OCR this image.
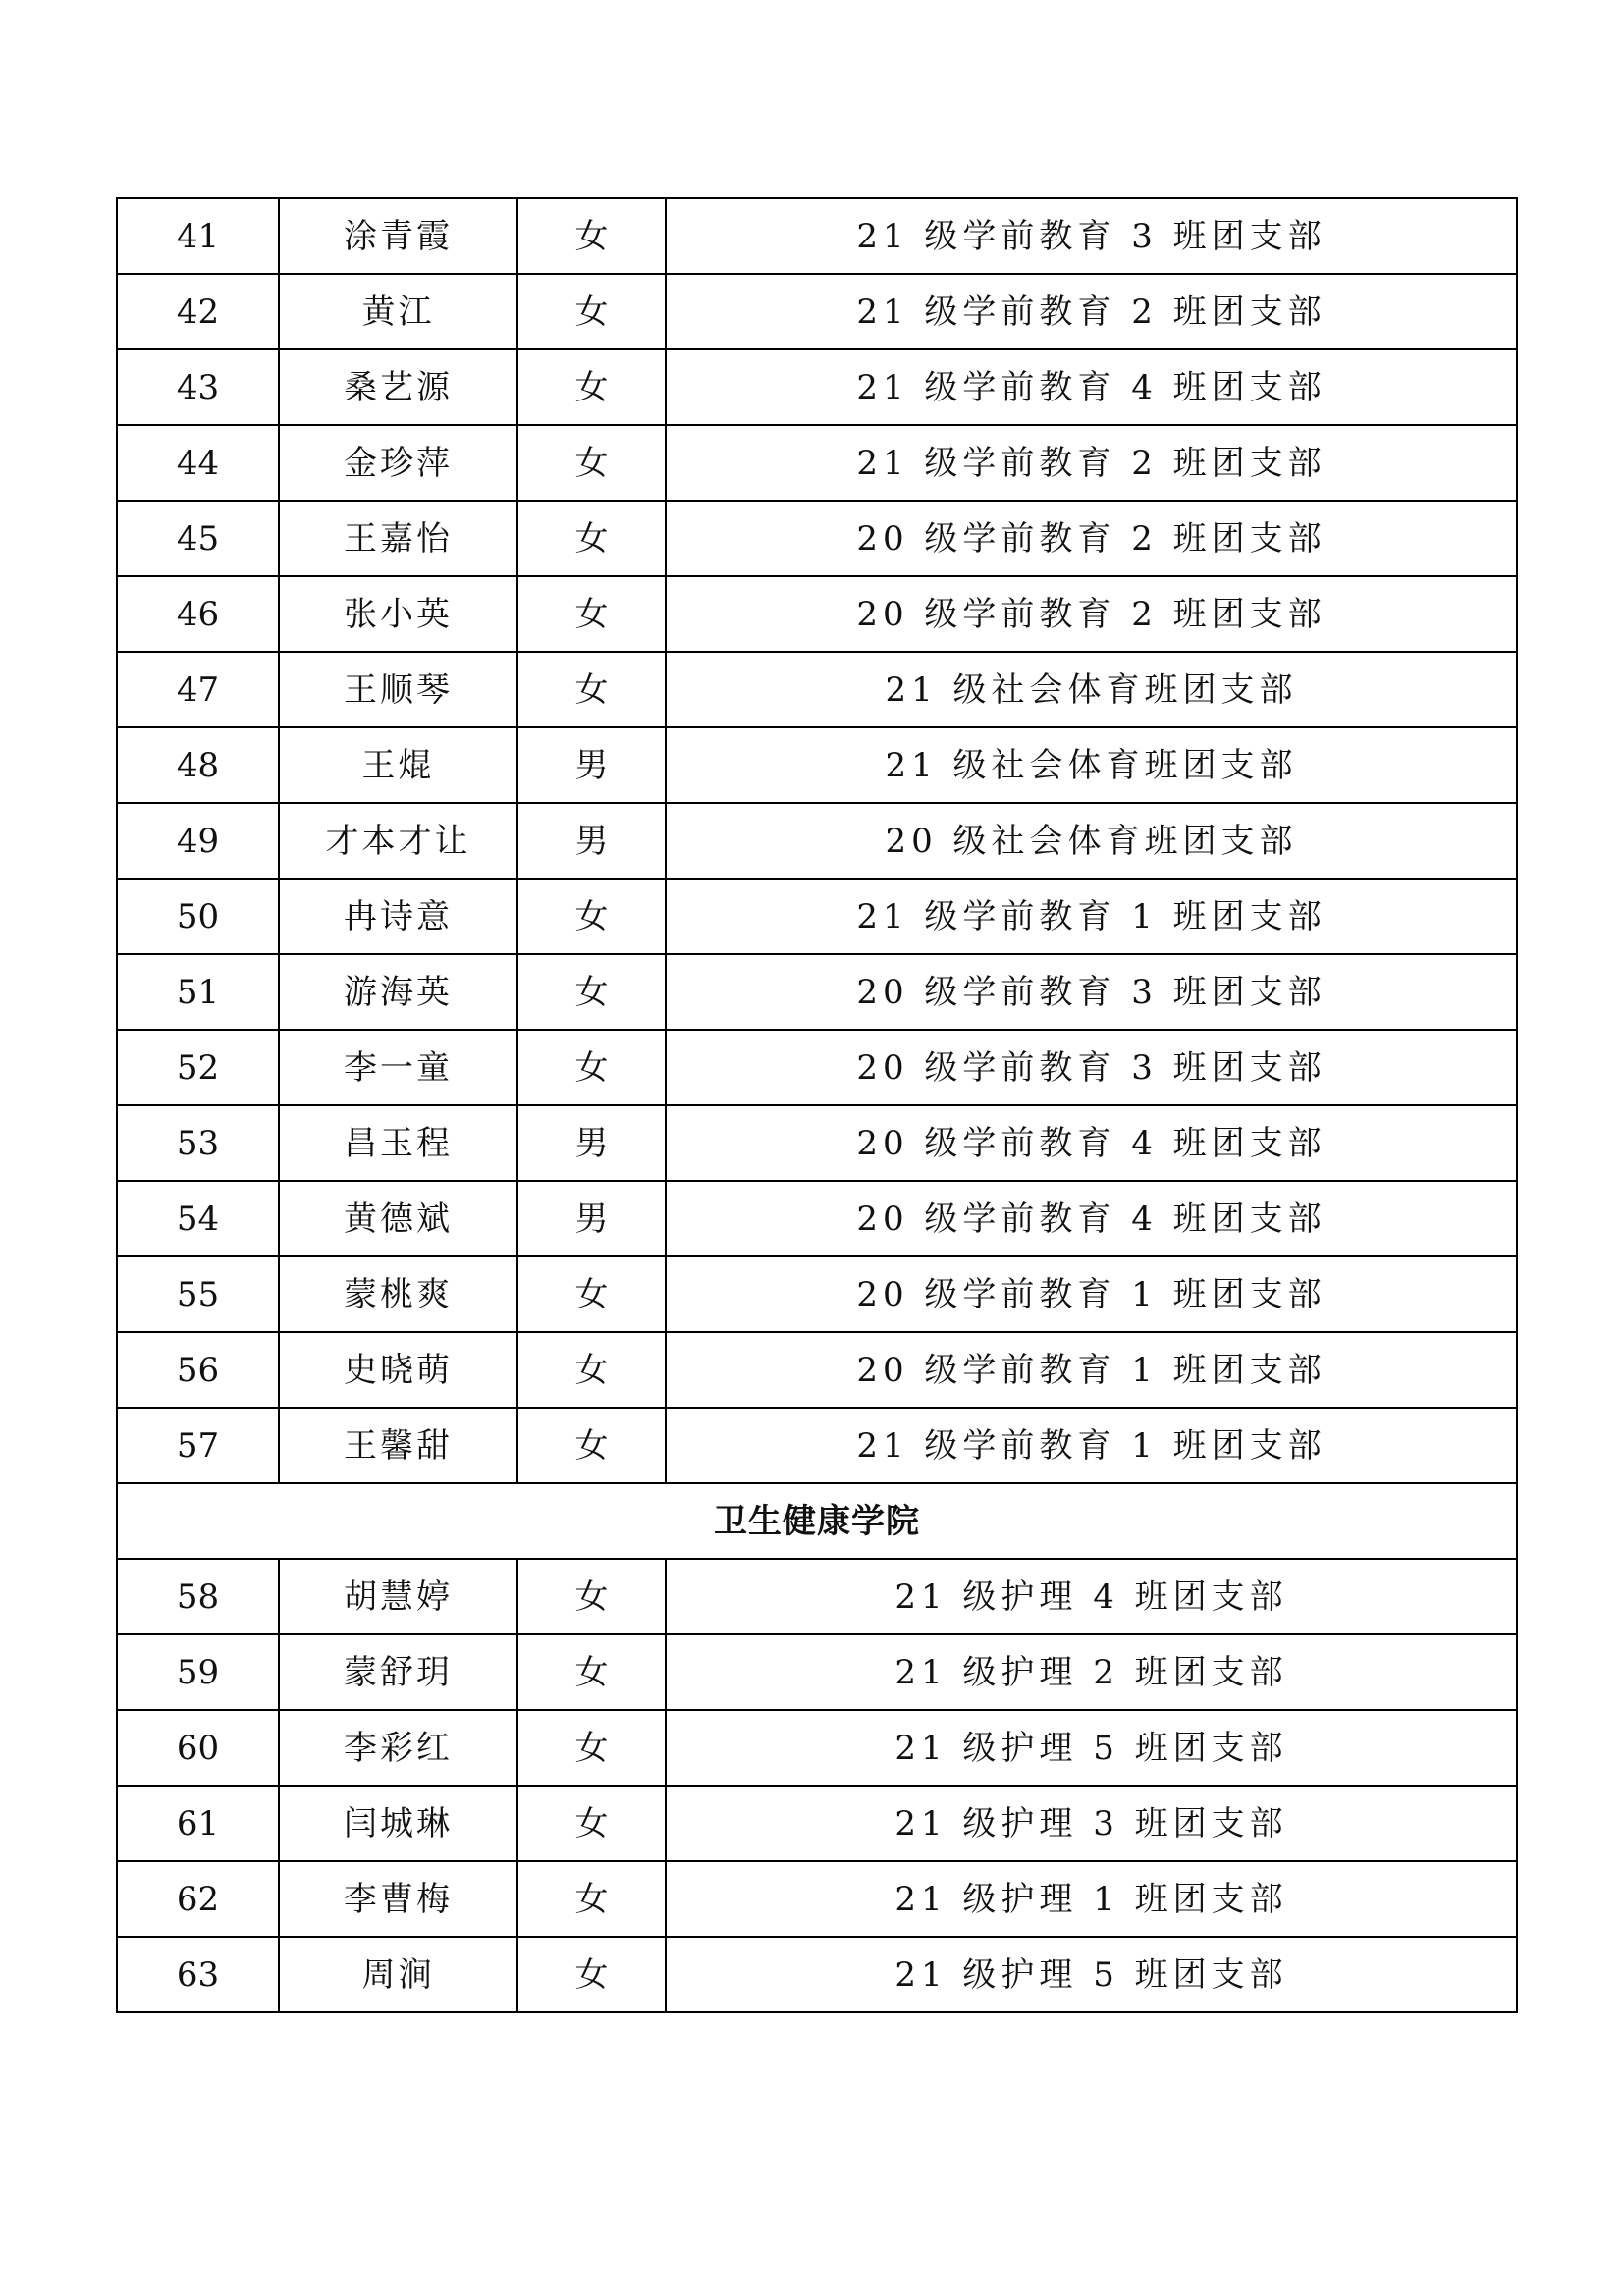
41	涂青霞	女	21 级学前教育 3 班团支部
42	黄江	女	21 级学前教育 2 班团支部
43	桑艺源	女	21 级学前教育 4 班团支部
44	金珍萍	女	21 级学前教育 2 班团支部
45	王嘉怡	女	20 级学前教育 2 班团支部
46	张小英	女	20 级学前教育 2 班团支部
47	王顺琴	女	21 级社会体育班团支部
48	王焜	男	21 级社会体育班团支部
49	才本才让	男	20 级社会体育班团支部
50	冉诗意	女	21 级学前教育 1 班团支部
51	游海英	女	20 级学前教育 3 班团支部
52	李一童	女	20 级学前教育 3 班团支部
53	昌玉程	男	20 级学前教育 4 班团支部
54	黄德斌	男	20 级学前教育 4 班团支部
55	蒙桃爽	女	20 级学前教育 1 班团支部
56	史晓萌	女	20 级学前教育 1 班团支部
57	王馨甜	女	21 级学前教育 1 班团支部
卫生健康学院			
58	胡慧婷	女	21 级护理 4 班团支部
59	蒙舒玥	女	21 级护理 2 班团支部
60	李彩红	女	21 级护理 5 班团支部
61	闫城琳	女	21 级护理 3 班团支部
62	李曹梅	女	21 级护理 1 班团支部
63	周涧	女	21 级护理 5 班团支部
